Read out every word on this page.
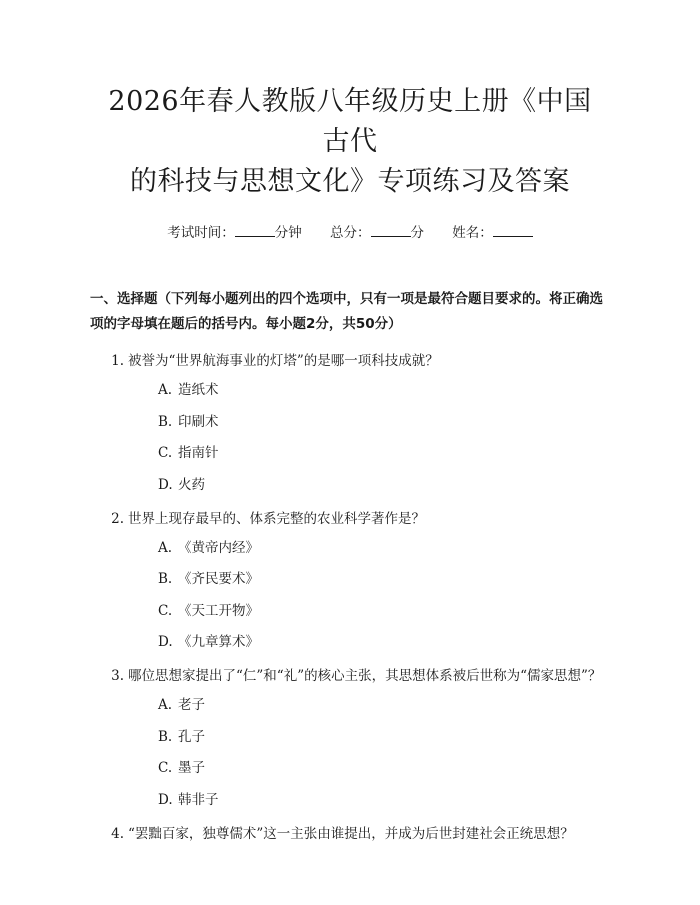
2026年春人教版八年级历史上册《中国古代
的科技与思想文化》专项练习及答案
考试时间：	分钟 总分：	分 姓名：
一、选择题（下列每小题列出的四个选项中，只有一项是最符合题目要求的。将正确选项的字母填在题后的括号内。每小题2分，共50分）
1. 被誉为“世界航海事业的灯塔”的是哪一项科技成就？
A. 造纸术
B. 印刷术
C. 指南针
D. 火药
2. 世界上现存最早的、体系完整的农业科学著作是？
A. 《黄帝内经》
B. 《齐民要术》
C. 《天工开物》
D. 《九章算术》
3. 哪位思想家提出了“仁”和“礼”的核心主张，其思想体系被后世称为“儒家思想”？
A. 老子
B. 孔子
C. 墨子
D. 韩非子
4. “罢黜百家，独尊儒术”这一主张由谁提出，并成为后世封建社会正统思想？
